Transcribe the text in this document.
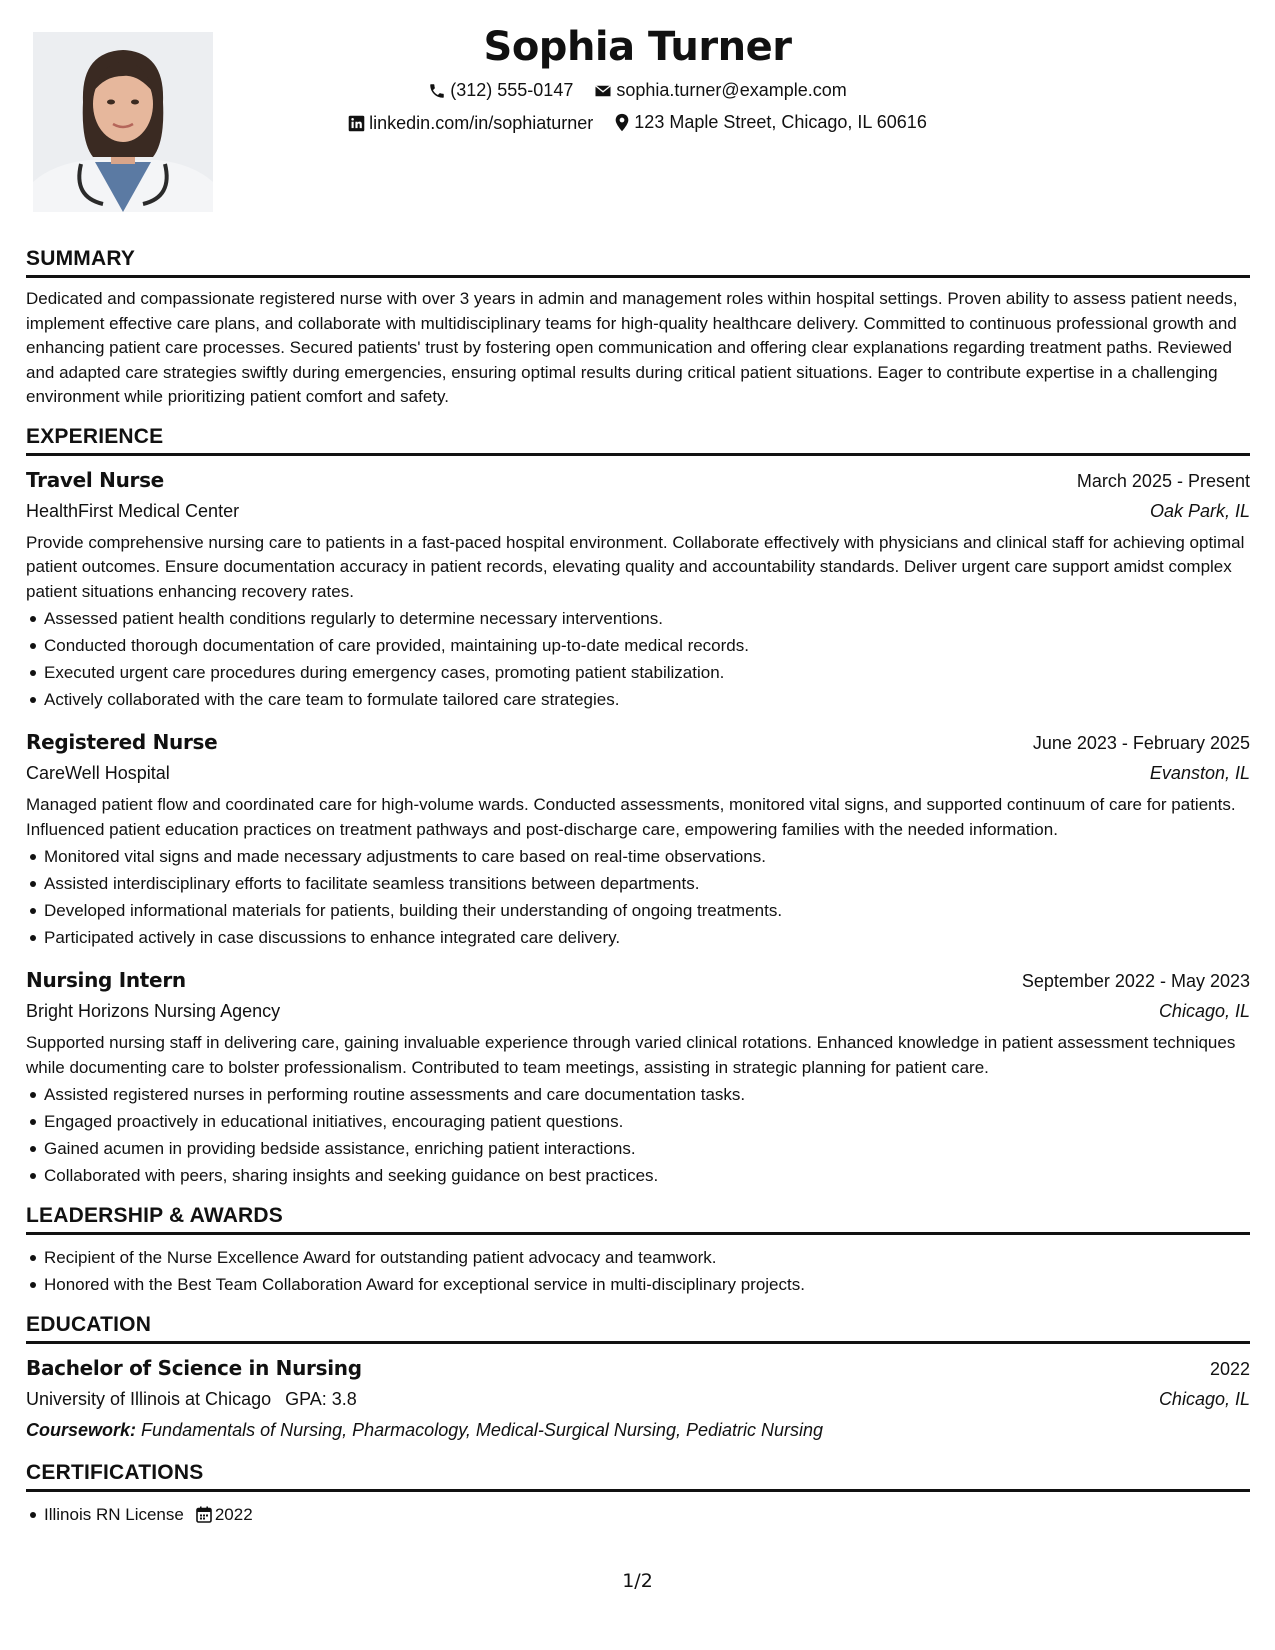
Sophia Turner
(312) 555-0147
sophia.turner@example.com
linkedin.com/in/sophiaturner
123 Maple Street, Chicago, IL 60616
SUMMARY
Dedicated and compassionate registered nurse with over 3 years in admin and management roles within hospital settings. Proven ability to assess patient needs, implement effective care plans, and collaborate with multidisciplinary teams for high-quality healthcare delivery. Committed to continuous professional growth and enhancing patient care processes. Secured patients' trust by fostering open communication and offering clear explanations regarding treatment paths. Reviewed and adapted care strategies swiftly during emergencies, ensuring optimal results during critical patient situations. Eager to contribute expertise in a challenging environment while prioritizing patient comfort and safety.
EXPERIENCE
Travel Nurse	March 2025 - Present
HealthFirst Medical Center	Oak Park, IL
Provide comprehensive nursing care to patients in a fast-paced hospital environment. Collaborate effectively with physicians and clinical staff for achieving optimal patient outcomes. Ensure documentation accuracy in patient records, elevating quality and accountability standards. Deliver urgent care support amidst complex patient situations enhancing recovery rates.
Assessed patient health conditions regularly to determine necessary interventions.
Conducted thorough documentation of care provided, maintaining up-to-date medical records.
Executed urgent care procedures during emergency cases, promoting patient stabilization.
Actively collaborated with the care team to formulate tailored care strategies.
Registered Nurse	June 2023 - February 2025
CareWell Hospital	Evanston, IL
Managed patient flow and coordinated care for high-volume wards. Conducted assessments, monitored vital signs, and supported continuum of care for patients. Influenced patient education practices on treatment pathways and post-discharge care, empowering families with the needed information.
Monitored vital signs and made necessary adjustments to care based on real-time observations.
Assisted interdisciplinary efforts to facilitate seamless transitions between departments.
Developed informational materials for patients, building their understanding of ongoing treatments.
Participated actively in case discussions to enhance integrated care delivery.
Nursing Intern	September 2022 - May 2023
Bright Horizons Nursing Agency	Chicago, IL
Supported nursing staff in delivering care, gaining invaluable experience through varied clinical rotations. Enhanced knowledge in patient assessment techniques while documenting care to bolster professionalism. Contributed to team meetings, assisting in strategic planning for patient care.
Assisted registered nurses in performing routine assessments and care documentation tasks.
Engaged proactively in educational initiatives, encouraging patient questions.
Gained acumen in providing bedside assistance, enriching patient interactions.
Collaborated with peers, sharing insights and seeking guidance on best practices.
LEADERSHIP & AWARDS
Recipient of the Nurse Excellence Award for outstanding patient advocacy and teamwork.
Honored with the Best Team Collaboration Award for exceptional service in multi-disciplinary projects.
EDUCATION
Bachelor of Science in Nursing	2022
University of Illinois at Chicago GPA: 3.8	Chicago, IL
Coursework: Fundamentals of Nursing, Pharmacology, Medical-Surgical Nursing, Pediatric Nursing
CERTIFICATIONS
Illinois RN License 2022
1/2
